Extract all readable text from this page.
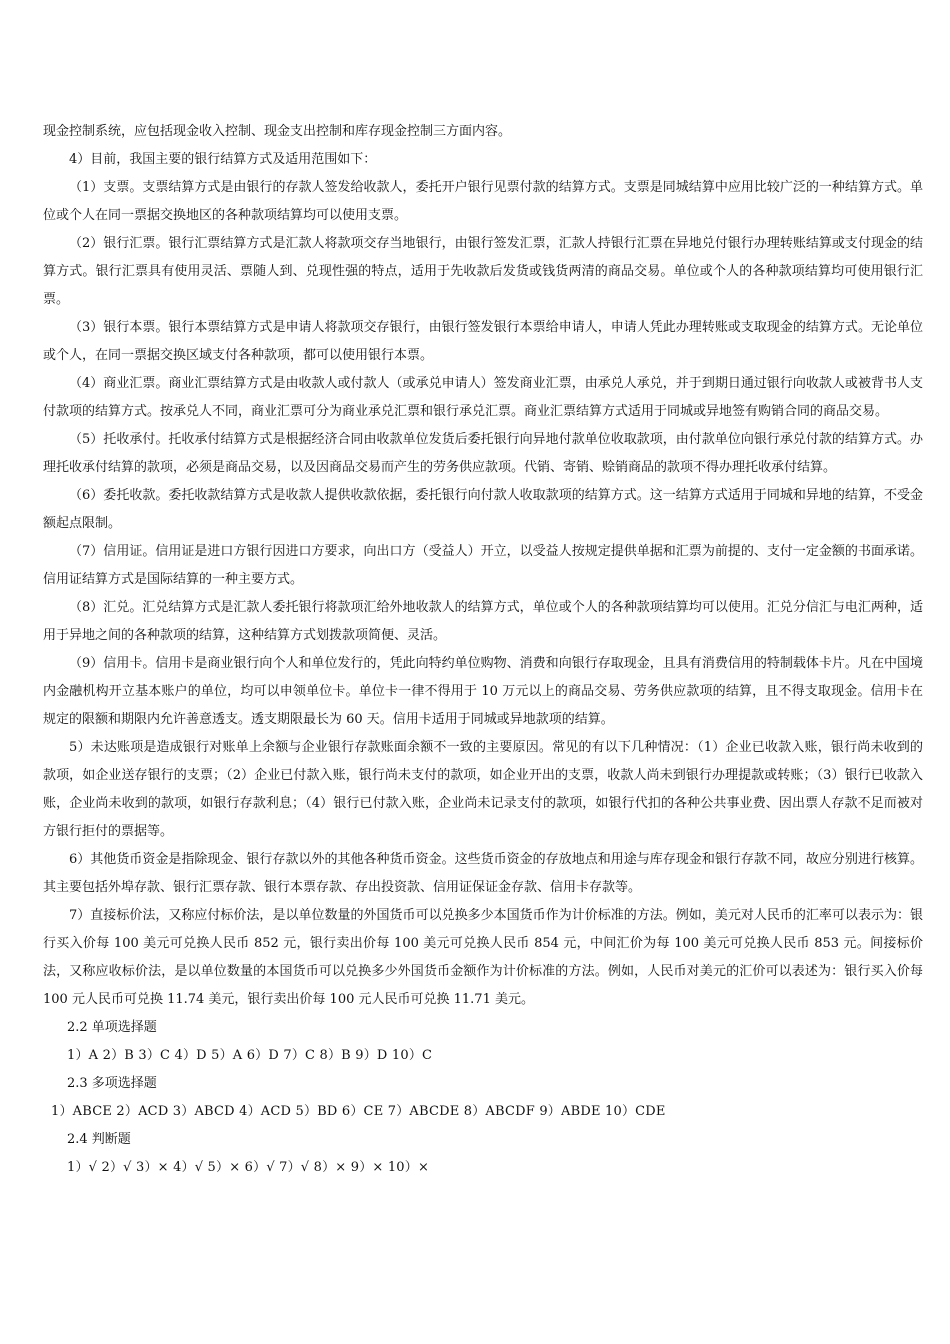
现金控制系统，应包括现金收入控制、现金支出控制和库存现金控制三方面内容。

4）目前，我国主要的银行结算方式及适用范围如下：

（1）支票。支票结算方式是由银行的存款人签发给收款人，委托开户银行见票付款的结算方式。支票是同城结算中应用比较广泛的一种结算方式。单位或个人在同一票据交换地区的各种款项结算均可以使用支票。

（2）银行汇票。银行汇票结算方式是汇款人将款项交存当地银行，由银行签发汇票，汇款人持银行汇票在异地兑付银行办理转账结算或支付现金的结算方式。银行汇票具有使用灵活、票随人到、兑现性强的特点，适用于先收款后发货或钱货两清的商品交易。单位或个人的各种款项结算均可使用银行汇票。

（3）银行本票。银行本票结算方式是申请人将款项交存银行，由银行签发银行本票给申请人，申请人凭此办理转账或支取现金的结算方式。无论单位或个人，在同一票据交换区域支付各种款项，都可以使用银行本票。

（4）商业汇票。商业汇票结算方式是由收款人或付款人（或承兑申请人）签发商业汇票，由承兑人承兑，并于到期日通过银行向收款人或被背书人支付款项的结算方式。按承兑人不同，商业汇票可分为商业承兑汇票和银行承兑汇票。商业汇票结算方式适用于同城或异地签有购销合同的商品交易。

（5）托收承付。托收承付结算方式是根据经济合同由收款单位发货后委托银行向异地付款单位收取款项，由付款单位向银行承兑付款的结算方式。办理托收承付结算的款项，必须是商品交易，以及因商品交易而产生的劳务供应款项。代销、寄销、赊销商品的款项不得办理托收承付结算。

（6）委托收款。委托收款结算方式是收款人提供收款依据，委托银行向付款人收取款项的结算方式。这一结算方式适用于同城和异地的结算，不受金额起点限制。

（7）信用证。信用证是进口方银行因进口方要求，向出口方（受益人）开立，以受益人按规定提供单据和汇票为前提的、支付一定金额的书面承诺。信用证结算方式是国际结算的一种主要方式。

（8）汇兑。汇兑结算方式是汇款人委托银行将款项汇给外地收款人的结算方式，单位或个人的各种款项结算均可以使用。汇兑分信汇与电汇两种，适用于异地之间的各种款项的结算，这种结算方式划拨款项简便、灵活。

（9）信用卡。信用卡是商业银行向个人和单位发行的，凭此向特约单位购物、消费和向银行存取现金，且具有消费信用的特制载体卡片。凡在中国境内金融机构开立基本账户的单位，均可以申领单位卡。单位卡一律不得用于 10 万元以上的商品交易、劳务供应款项的结算，且不得支取现金。信用卡在规定的限额和期限内允许善意透支。透支期限最长为 60 天。信用卡适用于同城或异地款项的结算。

5）未达账项是造成银行对账单上余额与企业银行存款账面余额不一致的主要原因。常见的有以下几种情况：（1）企业已收款入账，银行尚未收到的款项，如企业送存银行的支票；（2）企业已付款入账，银行尚未支付的款项，如企业开出的支票，收款人尚未到银行办理提款或转账；（3）银行已收款入账，企业尚未收到的款项，如银行存款利息；（4）银行已付款入账，企业尚未记录支付的款项，如银行代扣的各种公共事业费、因出票人存款不足而被对方银行拒付的票据等。

6）其他货币资金是指除现金、银行存款以外的其他各种货币资金。这些货币资金的存放地点和用途与库存现金和银行存款不同，故应分别进行核算。其主要包括外埠存款、银行汇票存款、银行本票存款、存出投资款、信用证保证金存款、信用卡存款等。

7）直接标价法，又称应付标价法，是以单位数量的外国货币可以兑换多少本国货币作为计价标准的方法。例如，美元对人民币的汇率可以表示为：银行买入价每 100 美元可兑换人民币 852 元，银行卖出价每 100 美元可兑换人民币 854 元，中间汇价为每 100 美元可兑换人民币 853 元。间接标价法，又称应收标价法，是以单位数量的本国货币可以兑换多少外国货币金额作为计价标准的方法。例如，人民币对美元的汇价可以表述为：银行买入价每 100 元人民币可兑换 11.74 美元，银行卖出价每 100 元人民币可兑换 11.71 美元。

2.2 单项选择题

1）A 2）B 3）C 4）D 5）A 6）D 7）C 8）B 9）D 10）C

2.3 多项选择题

1）ABCE 2）ACD 3）ABCD 4）ACD 5）BD 6）CE 7）ABCDE 8）ABCDF 9）ABDE 10）CDE

2.4 判断题

1）√ 2）√ 3）× 4）√ 5）× 6）√ 7）√ 8）× 9）× 10）×
